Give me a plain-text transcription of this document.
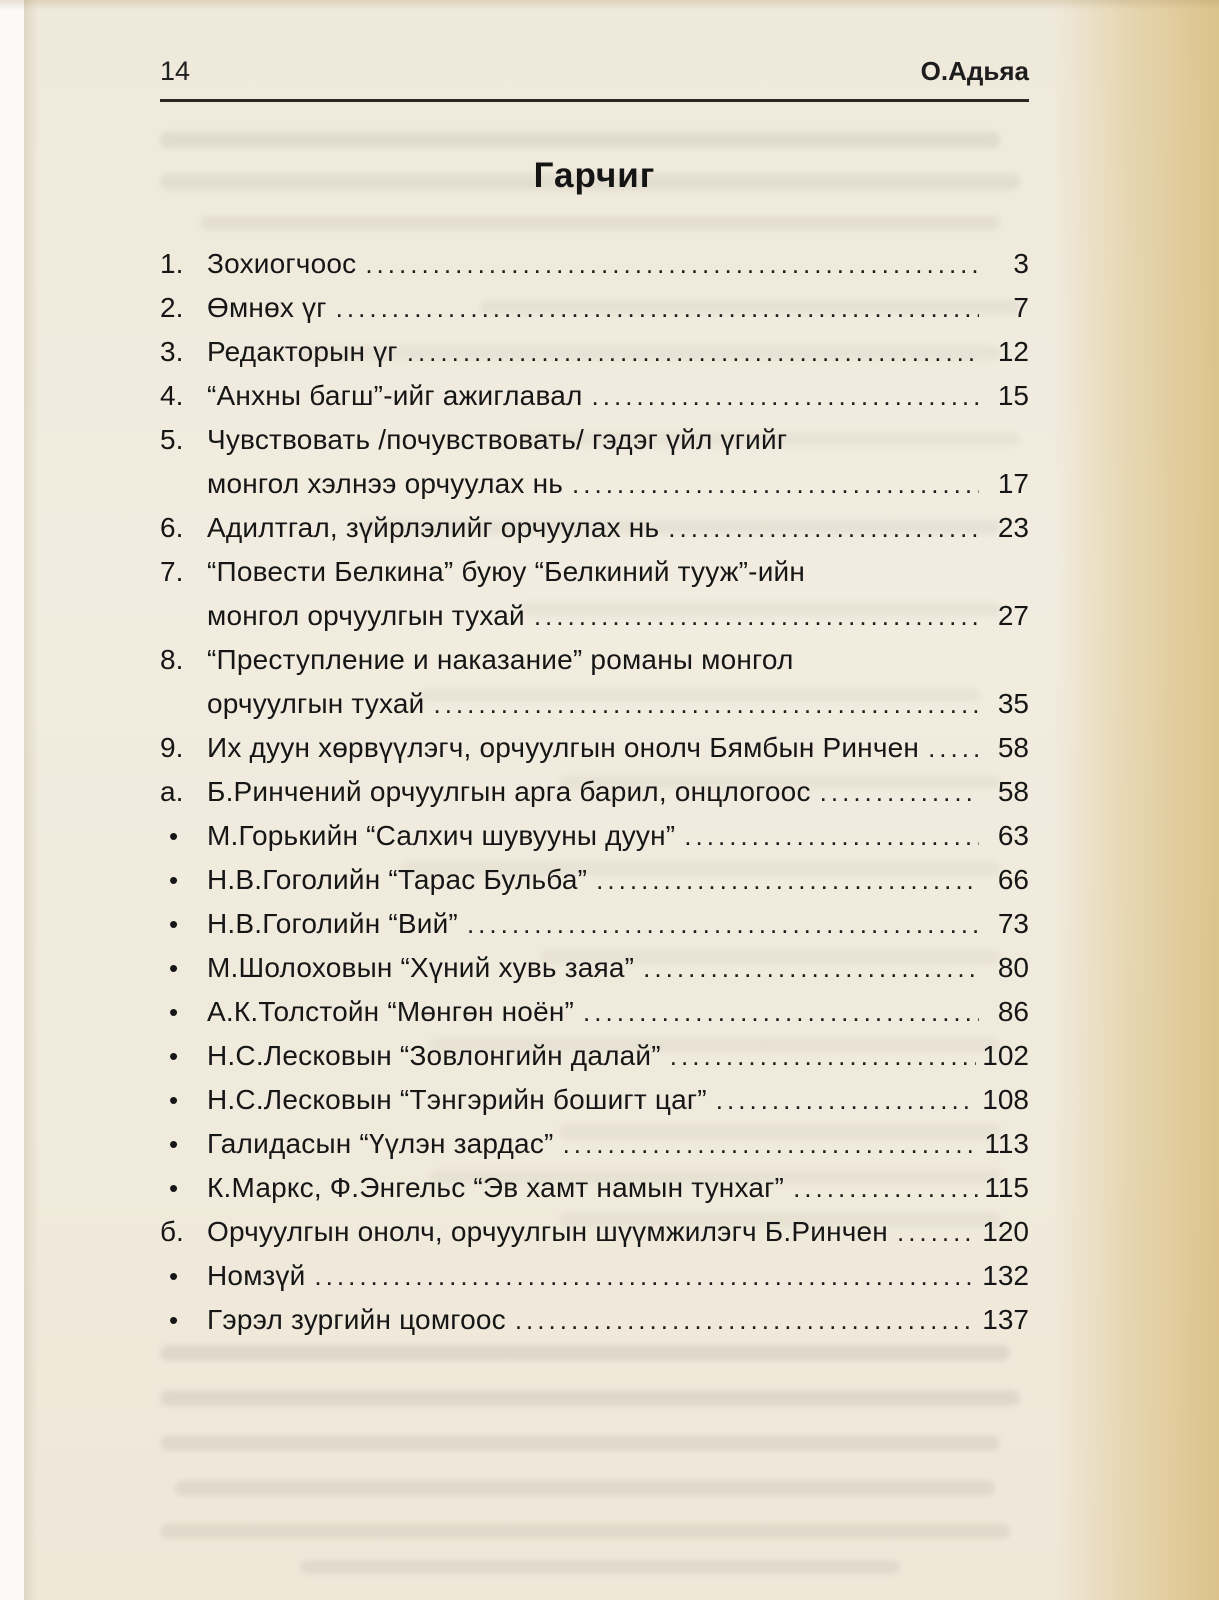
14	О.Адьяа
Гарчиг
1. Зохиогчоос .....	3
2. Өмнөх үг .....	7
3. Редакторын үг .....	12
4. “Анхны багш”-ийг ажиглавал .....	15
5. Чувствовать /почувствовать/ гэдэг үйл үгийг
монгол хэлнээ орчуулах нь .....	17
6. Адилтгал, зүйрлэлийг орчуулах нь .....	23
7. “Повести Белкина” буюу “Белкиний тууж”-ийн
монгол орчуулгын тухай .....	27
8. “Преступление и наказание” романы монгол
орчуулгын тухай .....	35
9. Их дуун хөрвүүлэгч, орчуулгын онолч Бямбын Ринчен .....	58
а. Б.Ринчений орчуулгын арга барил, онцлогоос .....	58
•	М.Горькийн “Салхич шувууны дуун” .....	63
•	Н.В.Гоголийн “Тарас Бульба” .....	66
•	Н.В.Гоголийн “Вий” .....	73
•	М.Шолоховын “Хүний хувь заяа” .....	80
•	А.К.Толстойн “Мөнгөн ноён” .....	86
•	Н.С.Лесковын “Зовлонгийн далай” .....	102
•	Н.С.Лесковын “Тэнгэрийн бошигт цаг” .....	108
•	Галидасын “Үүлэн зардас” .....	113
•	К.Маркс, Ф.Энгельс “Эв хамт намын тунхаг” .....	115
б. Орчуулгын онолч, орчуулгын шүүмжилэгч Б.Ринчен .....	120
•	Номзүй .....	132
•	Гэрэл зургийн цомгоос .....	137
